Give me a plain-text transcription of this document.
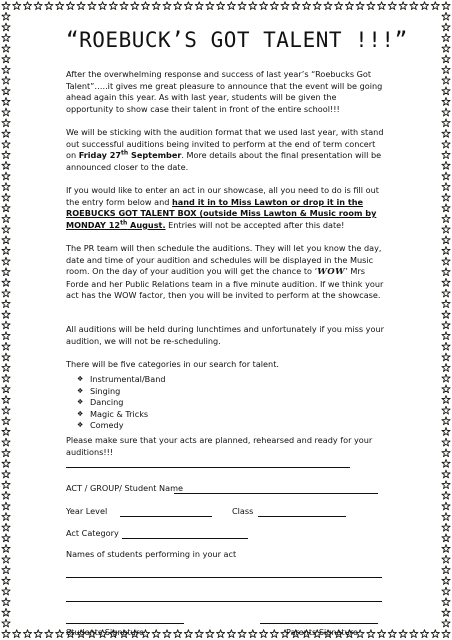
“ROEBUCK’S GOT TALENT !!!”

After the overwhelming response and success of last year’s “Roebucks Got Talent”…..it gives me great pleasure to announce that the event will be going ahead again this year. As with last year, students will be given the opportunity to show case their talent in front of the entire school!!!

We will be sticking with the audition format that we used last year, with stand out successful auditions being invited to perform at the end of term concert on Friday 27th September. More details about the final presentation will be announced closer to the date.

If you would like to enter an act in our showcase, all you need to do is fill out the entry form below and hand it in to Miss Lawton or drop it in the ROEBUCKS GOT TALENT BOX (outside Miss Lawton & Music room by MONDAY 12th August. Entries will not be accepted after this date!

The PR team will then schedule the auditions. They will let you know the day, date and time of your audition and schedules will be displayed in the Music room. On the day of your audition you will get the chance to ‘WOW’ Mrs Forde and her Public Relations team in a five minute audition. If we think your act has the WOW factor, then you will be invited to perform at the showcase.

All auditions will be held during lunchtimes and unfortunately if you miss your audition, we will not be re-scheduling.

There will be five categories in our search for talent.

❖ Instrumental/Band
❖ Singing
❖ Dancing
❖ Magic & Tricks
❖ Comedy

Please make sure that your acts are planned, rehearsed and ready for your auditions!!!

ACT / GROUP/ Student Name
Year Level	Class
Act Category
Names of students performing in your act
Students Signature	Parents Signature
